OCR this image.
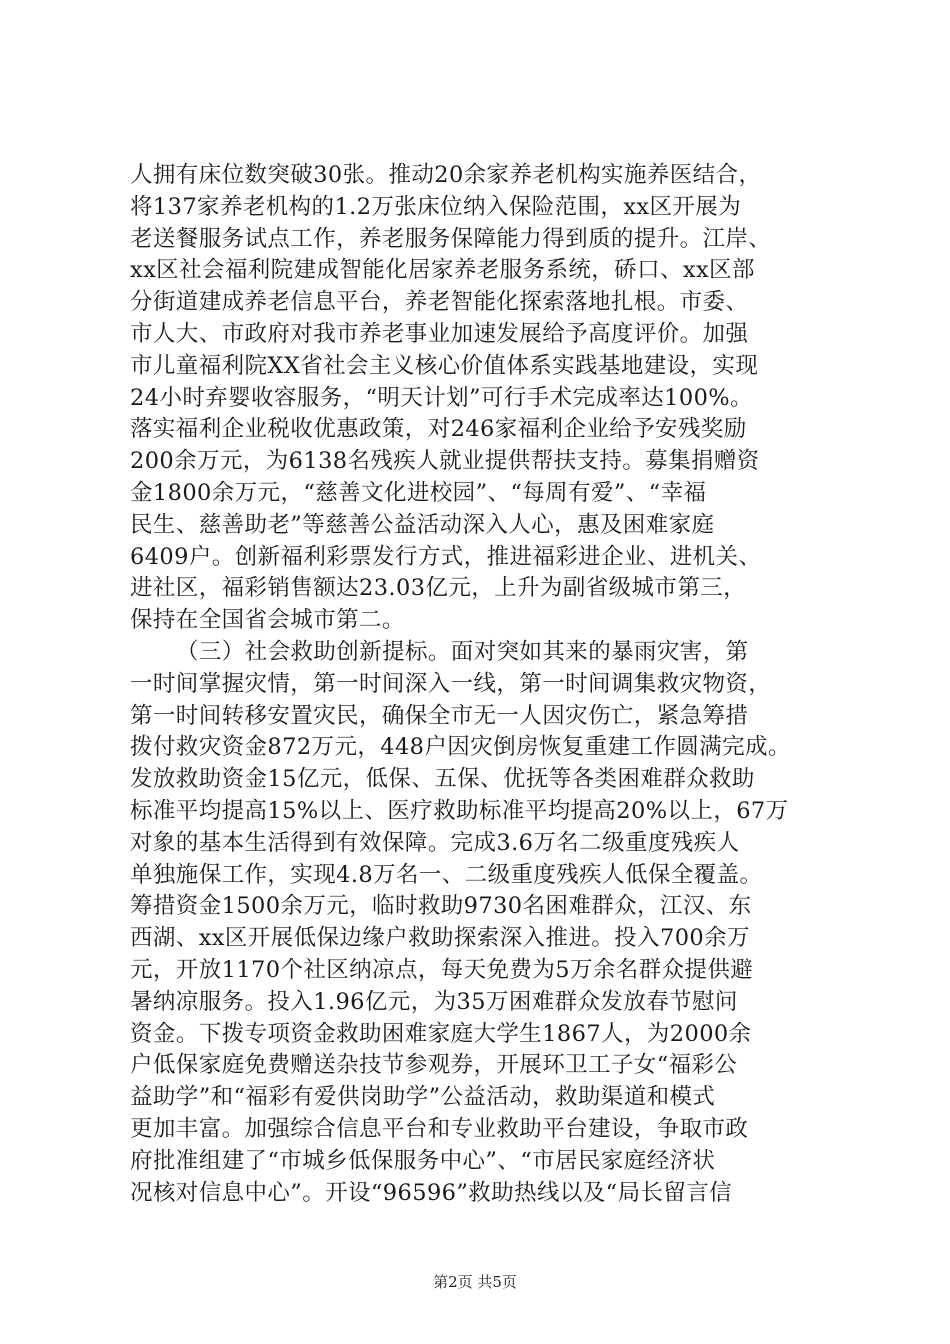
人拥有床位数突破30张。推动20余家养老机构实施养医结合，
将137家养老机构的1.2万张床位纳入保险范围，xx区开展为
老送餐服务试点工作，养老服务保障能力得到质的提升。江岸、
xx区社会福利院建成智能化居家养老服务系统，硚口、xx区部
分街道建成养老信息平台，养老智能化探索落地扎根。市委、
市人大、市政府对我市养老事业加速发展给予高度评价。加强
市儿童福利院XX省社会主义核心价值体系实践基地建设，实现
24小时弃婴收容服务，“明天计划”可行手术完成率达100%。
落实福利企业税收优惠政策，对246家福利企业给予安残奖励
200余万元，为6138名残疾人就业提供帮扶支持。募集捐赠资
金1800余万元，“慈善文化进校园”、“每周有爱”、“幸福
民生、慈善助老”等慈善公益活动深入人心，惠及困难家庭
6409户。创新福利彩票发行方式，推进福彩进企业、进机关、
进社区，福彩销售额达23.03亿元，上升为副省级城市第三，
保持在全国省会城市第二。
（三）社会救助创新提标。面对突如其来的暴雨灾害，第
一时间掌握灾情，第一时间深入一线，第一时间调集救灾物资，
第一时间转移安置灾民，确保全市无一人因灾伤亡，紧急筹措
拨付救灾资金872万元，448户因灾倒房恢复重建工作圆满完成。
发放救助资金15亿元，低保、五保、优抚等各类困难群众救助
标准平均提高15%以上、医疗救助标准平均提高20%以上，67万
对象的基本生活得到有效保障。完成3.6万名二级重度残疾人
单独施保工作，实现4.8万名一、二级重度残疾人低保全覆盖。
筹措资金1500余万元，临时救助9730名困难群众，江汉、东
西湖、xx区开展低保边缘户救助探索深入推进。投入700余万
元，开放1170个社区纳凉点，每天免费为5万余名群众提供避
暑纳凉服务。投入1.96亿元，为35万困难群众发放春节慰问
资金。下拨专项资金救助困难家庭大学生1867人，为2000余
户低保家庭免费赠送杂技节参观券，开展环卫工子女“福彩公
益助学”和“福彩有爱供岗助学”公益活动，救助渠道和模式
更加丰富。加强综合信息平台和专业救助平台建设，争取市政
府批准组建了“市城乡低保服务中心”、“市居民家庭经济状
况核对信息中心”。开设“96596”救助热线以及“局长留言信
第2页 共5页
